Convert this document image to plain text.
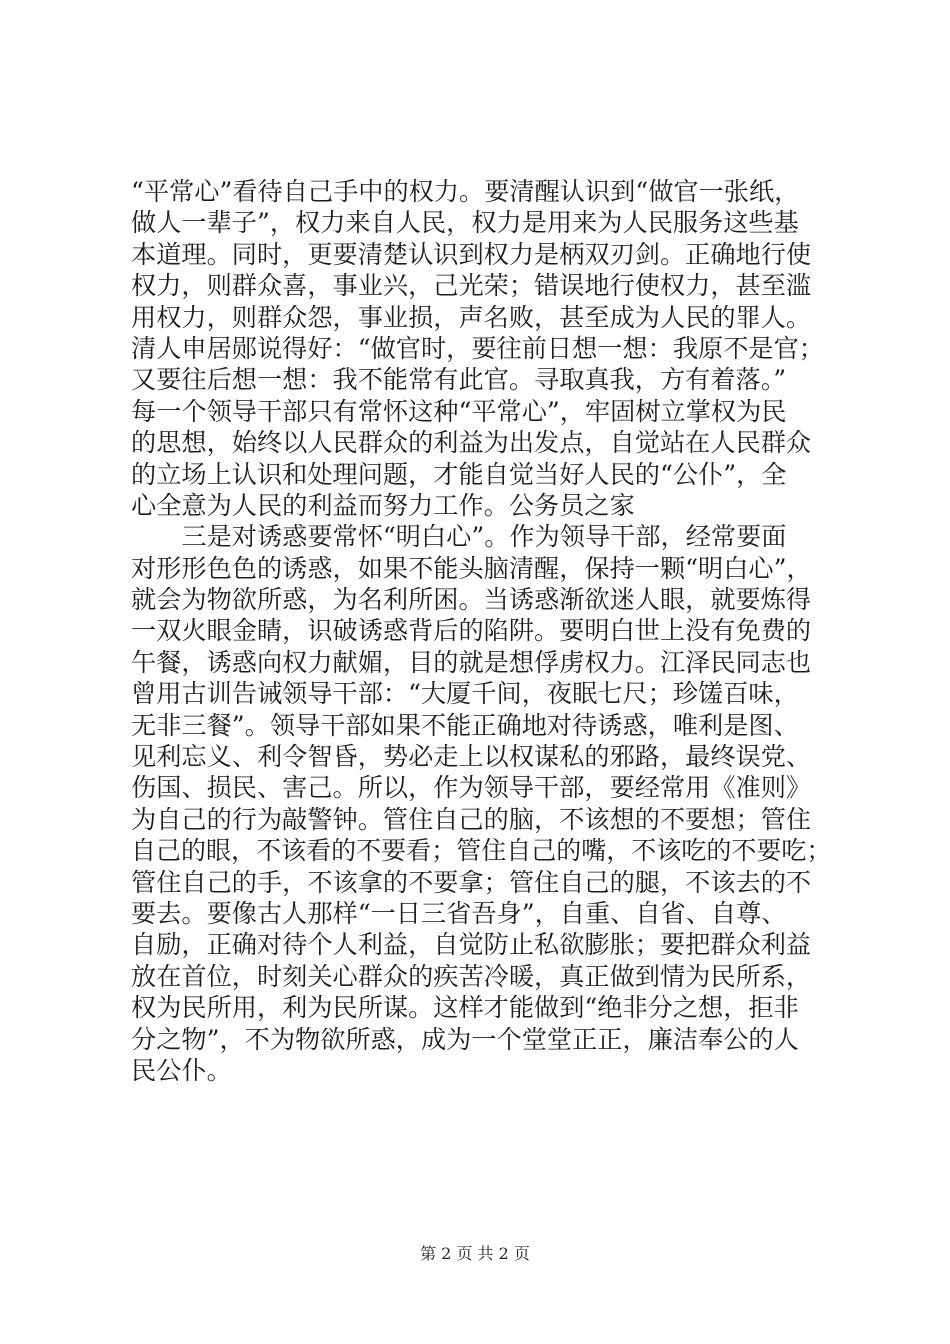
“平常心”看待自己手中的权力。要清醒认识到“做官一张纸，
做人一辈子”，权力来自人民，权力是用来为人民服务这些基
本道理。同时，更要清楚认识到权力是柄双刃剑。正确地行使
权力，则群众喜，事业兴，己光荣；错误地行使权力，甚至滥
用权力，则群众怨，事业损，声名败，甚至成为人民的罪人。
清人申居郧说得好：“做官时，要往前日想一想：我原不是官；
又要往后想一想：我不能常有此官。寻取真我，方有着落。”
每一个领导干部只有常怀这种“平常心”，牢固树立掌权为民
的思想，始终以人民群众的利益为出发点，自觉站在人民群众
的立场上认识和处理问题，才能自觉当好人民的“公仆”，全
心全意为人民的利益而努力工作。公务员之家
　　三是对诱惑要常怀“明白心”。作为领导干部，经常要面
对形形色色的诱惑，如果不能头脑清醒，保持一颗“明白心”，
就会为物欲所惑，为名利所困。当诱惑渐欲迷人眼，就要炼得
一双火眼金睛，识破诱惑背后的陷阱。要明白世上没有免费的
午餐，诱惑向权力献媚，目的就是想俘虏权力。江泽民同志也
曾用古训告诫领导干部：“大厦千间，夜眠七尺；珍馐百味，
无非三餐”。领导干部如果不能正确地对待诱惑，唯利是图、
见利忘义、利令智昏，势必走上以权谋私的邪路，最终误党、
伤国、损民、害己。所以，作为领导干部，要经常用《准则》
为自己的行为敲警钟。管住自己的脑，不该想的不要想；管住
自己的眼，不该看的不要看；管住自己的嘴，不该吃的不要吃；
管住自己的手，不该拿的不要拿；管住自己的腿，不该去的不
要去。要像古人那样“一日三省吾身”，自重、自省、自尊、
自励，正确对待个人利益，自觉防止私欲膨胀；要把群众利益
放在首位，时刻关心群众的疾苦冷暖，真正做到情为民所系，
权为民所用，利为民所谋。这样才能做到“绝非分之想，拒非
分之物”，不为物欲所惑，成为一个堂堂正正，廉洁奉公的人
民公仆。
第 2 页 共 2 页
